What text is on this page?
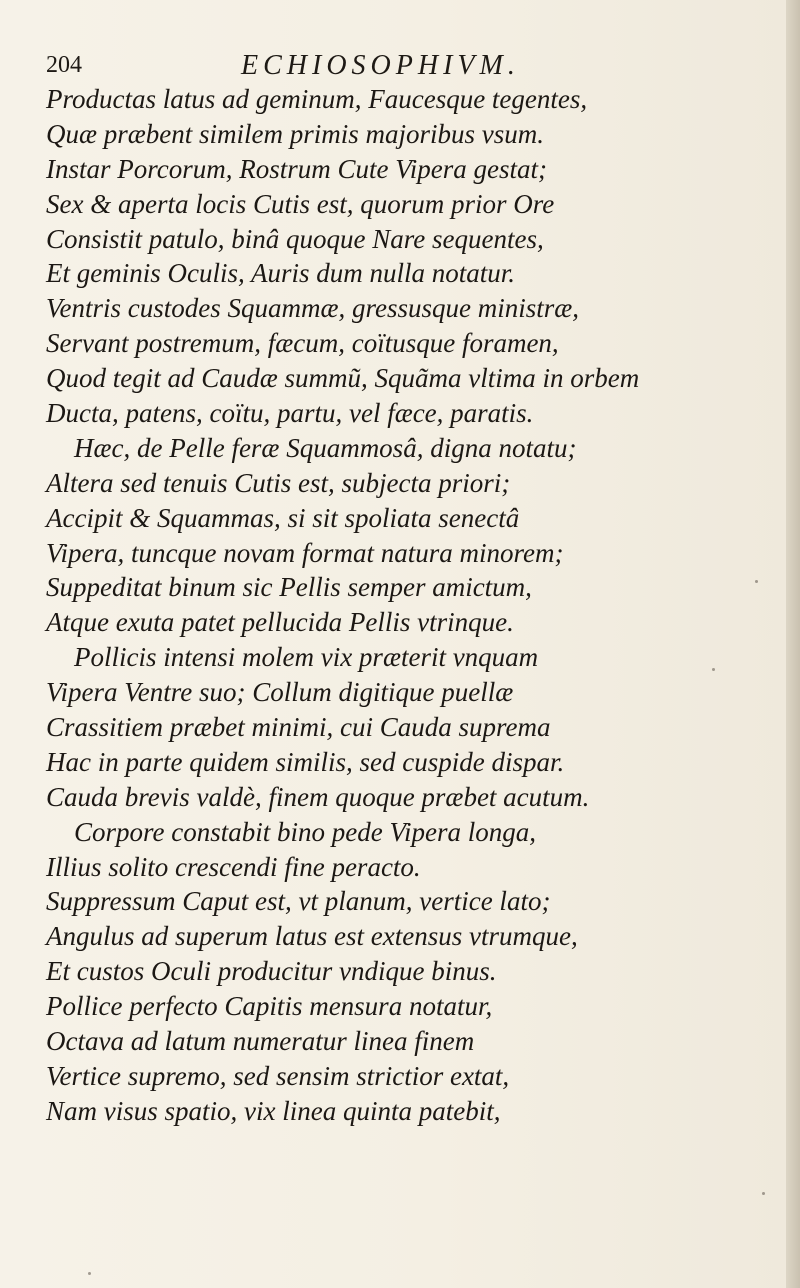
204	ECHIOSOPHIVM.
Productas latus ad geminum, Faucesque tegentes,
Quæ præbent similem primis majoribus vsum.
Instar Porcorum, Rostrum Cute Vipera gestat;
Sex & aperta locis Cutis est, quorum prior Ore
Consistit patulo, binâ quoque Nare sequentes,
Et geminis Oculis, Auris dum nulla notatur.
Ventris custodes Squammæ, gressusque ministræ,
Servant postremum, fæcum, coïtusque foramen,
Quod tegit ad Caudæ summũ, Squãma vltima in orbem
Ducta, patens, coïtu, partu, vel fæce, paratis.
Hæc, de Pelle feræ Squammosâ, digna notatu;
Altera sed tenuis Cutis est, subjecta priori;
Accipit & Squammas, si sit spoliata senectâ
Vipera, tuncque novam format natura minorem;
Suppeditat binum sic Pellis semper amictum,
Atque exuta patet pellucida Pellis vtrinque.
Pollicis intensi molem vix præterit vnquam
Vipera Ventre suo; Collum digitique puellæ
Crassitiem præbet minimi, cui Cauda suprema
Hac in parte quidem similis, sed cuspide dispar.
Cauda brevis valdè, finem quoque præbet acutum.
Corpore constabit bino pede Vipera longa,
Illius solito crescendi fine peracto.
Suppressum Caput est, vt planum, vertice lato;
Angulus ad superum latus est extensus vtrumque,
Et custos Oculi producitur vndique binus.
Pollice perfecto Capitis mensura notatur,
Octava ad latum numeratur linea finem
Vertice supremo, sed sensim strictior extat,
Nam visus spatio, vix linea quinta patebit,
